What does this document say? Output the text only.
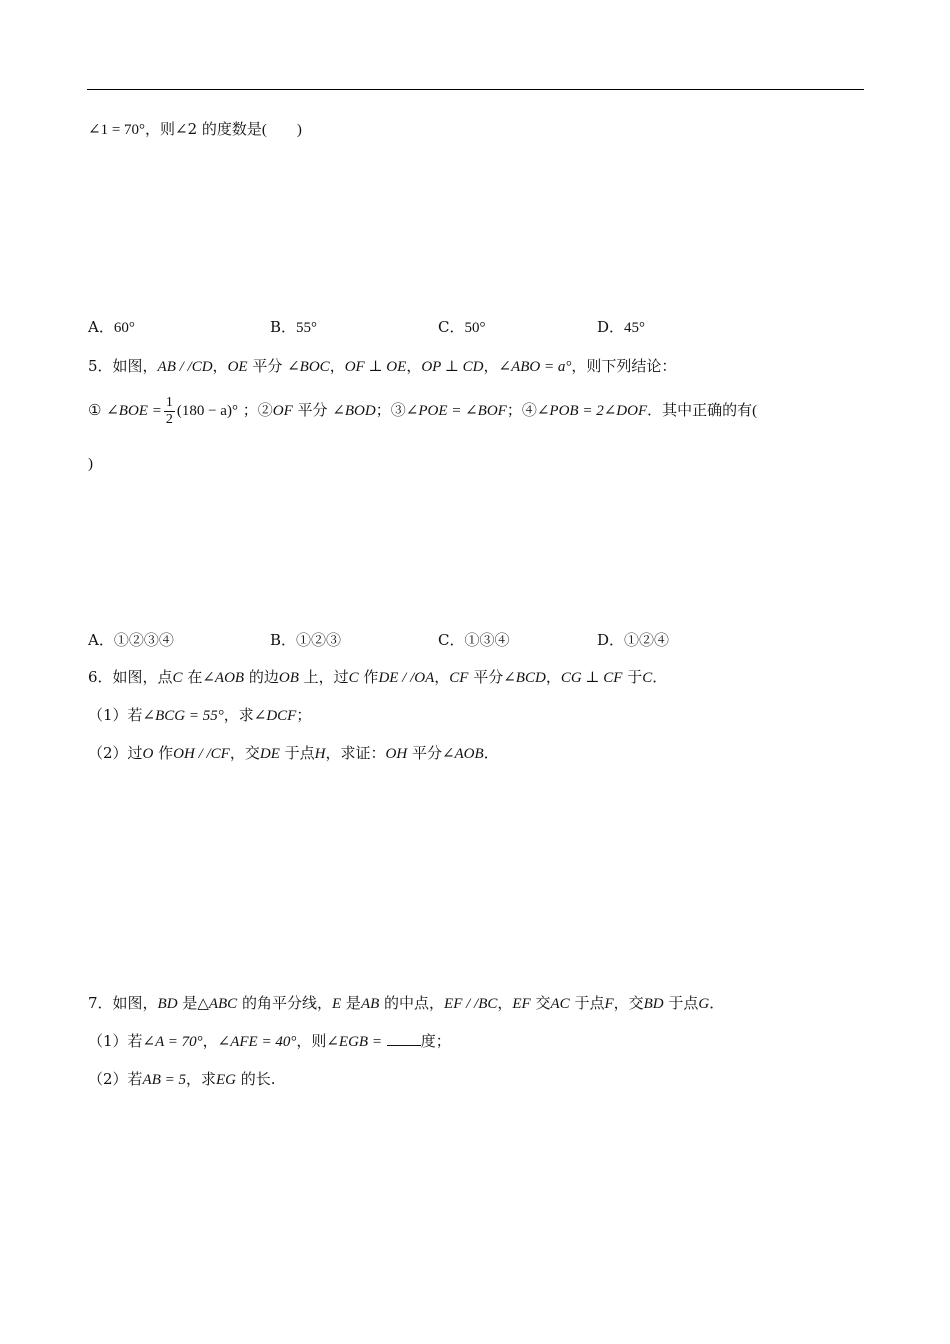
∠1 = 70°，则∠2 的度数是(　　)
A．60°	B．55°	C．50°	D．45°
5．如图，AB / /CD，OE 平分 ∠BOC，OF ⊥ OE，OP ⊥ CD，∠ABO = a°，则下列结论：
① ∠BOE = $\frac{1}{2} (180 - a)^\circ$ ；②OF 平分 ∠BOD；③∠POE = ∠BOF；④∠POB = 2∠DOF．其中正确的有(
)
A．①②③④	B．①②③	C．①③④	D．①②④
6．如图，点C 在∠AOB 的边OB 上，过C 作DE / /OA，CF 平分∠BCD，CG ⊥ CF 于C．
（1）若∠BCG = 55°，求∠DCF；
（2）过O 作OH / /CF，交DE 于点H，求证：OH 平分∠AOB．
7．如图，BD 是△ABC 的角平分线，E 是AB 的中点，EF / /BC，EF 交AC 于点F，交BD 于点G．
（1）若∠A = 70°，∠AFE = 40°，则∠EGB =	度；
（2）若AB = 5，求EG 的长.
